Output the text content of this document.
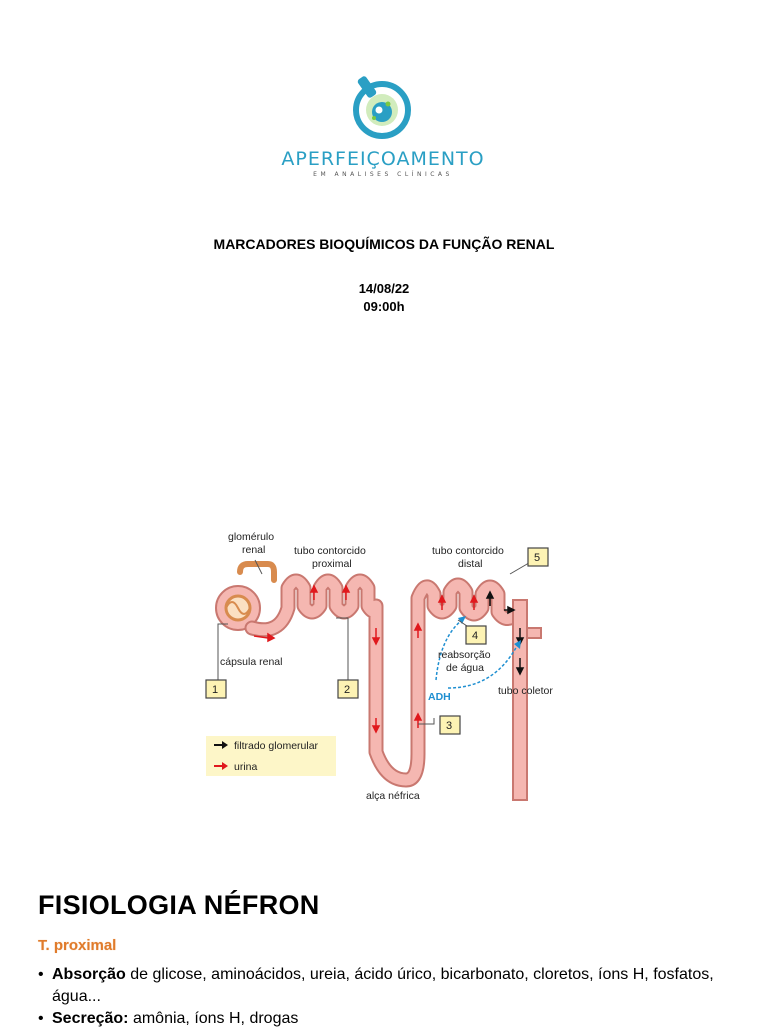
APERFEIÇOAMENTO
EM ANALISES CLÍNICAS
MARCADORES BIOQUÍMICOS DA FUNÇÃO RENAL
14/08/22
09:00h
1	2
3
4
5
glomérulo
renal	tubo contorcido
proximal
tubo contorcido
distal
cápsula renal
reabsorção
de água
ADH	tubo coletor
alça néfrica
filtrado glomerular
urina
FISIOLOGIA NÉFRON
T. proximal
• Absorção de glicose, aminoácidos, ureia, ácido úrico, bicarbonato, cloretos, íons H, fosfatos, água...
• Secreção: amônia, íons H, drogas
